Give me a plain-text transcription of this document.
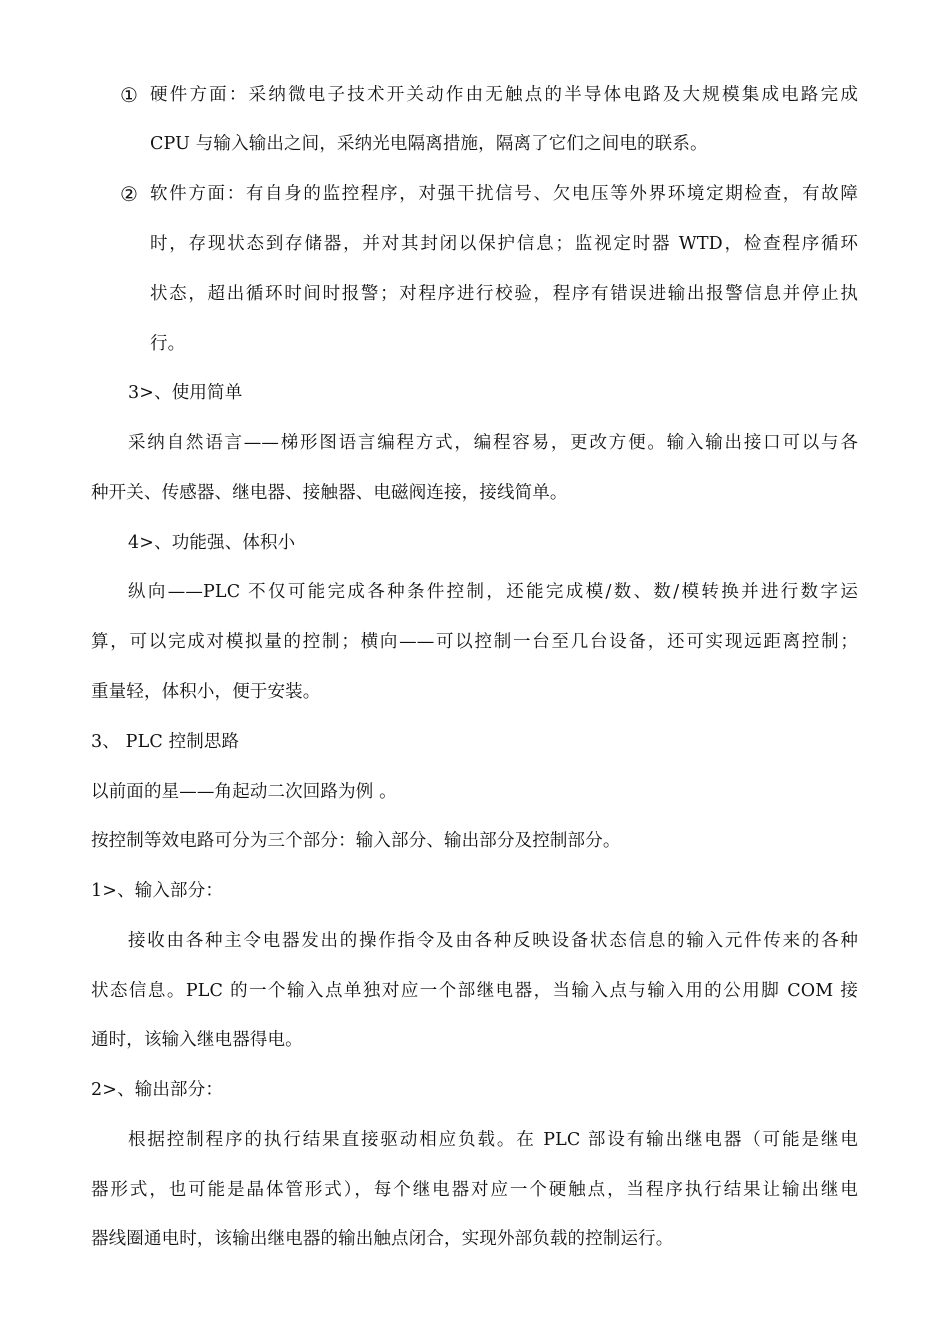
① 硬件方面：采纳微电子技术开关动作由无触点的半导体电路及大规模集成电路完成
CPU 与输入输出之间，采纳光电隔离措施，隔离了它们之间电的联系。
② 软件方面：有自身的监控程序，对强干扰信号、欠电压等外界环境定期检查，有故障
时，存现状态到存储器，并对其封闭以保护信息；监视定时器 WTD，检查程序循环
状态，超出循环时间时报警；对程序进行校验，程序有错误进输出报警信息并停止执
行。
3>、使用简单
采纳自然语言——梯形图语言编程方式，编程容易，更改方便。输入输出接口可以与各
种开关、传感器、继电器、接触器、电磁阀连接，接线简单。
4>、功能强、体积小
纵向——PLC 不仅可能完成各种条件控制，还能完成模/数、数/模转换并进行数字运
算，可以完成对模拟量的控制；横向——可以控制一台至几台设备，还可实现远距离控制；
重量轻，体积小，便于安装。
3、 PLC 控制思路
以前面的星——角起动二次回路为例 。
按控制等效电路可分为三个部分：输入部分、输出部分及控制部分。
1>、输入部分：
接收由各种主令电器发出的操作指令及由各种反映设备状态信息的输入元件传来的各种
状态信息。PLC 的一个输入点单独对应一个部继电器，当输入点与输入用的公用脚 COM 接
通时，该输入继电器得电。
2>、输出部分：
根据控制程序的执行结果直接驱动相应负载。在 PLC 部设有输出继电器（可能是继电
器形式，也可能是晶体管形式），每个继电器对应一个硬触点，当程序执行结果让输出继电
器线圈通电时，该输出继电器的输出触点闭合，实现外部负载的控制运行。
